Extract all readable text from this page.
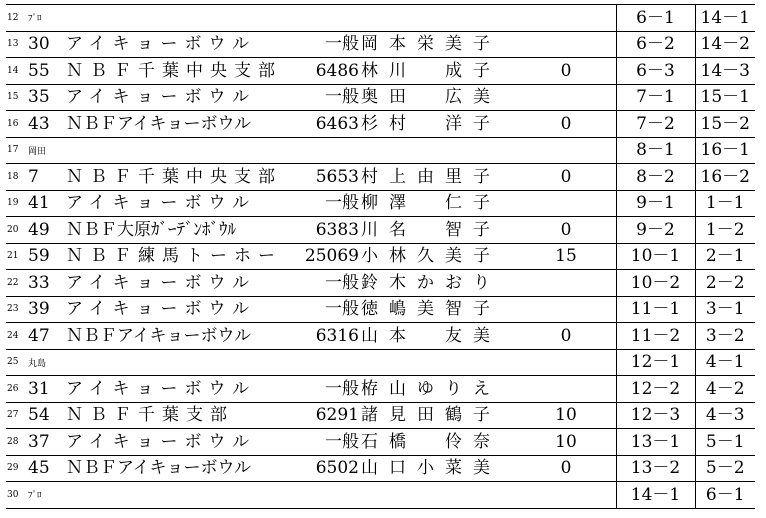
12	ﾌﾟﾛ						6－1	14－1
13	30	アイキョーボウル	一般	岡本栄美子			6－2	14－2
14	55	ＮＢＦ千葉中央支部	6486	林川　成子	0		6－3	14－3
15	35	アイキョーボウル	一般	奥田　広美			7－1	15－1
16	43	ＮＢＦアイキョーボウル	6463	杉村　洋子	0		7－2	15－2
17	岡田						8－1	16－1
18	7	ＮＢＦ千葉中央支部	5653	村上由里子	0		8－2	16－2
19	41	アイキョーボウル	一般	柳澤　仁子			9－1	1－1
20	49	ＮＢＦ大原ｶﾞｰﾃﾞﾝﾎﾞｳﾙ	6383	川名　智子	0		9－2	1－2
21	59	ＮＢＦ練馬トーホー	25069	小林久美子	15		10－1	2－1
22	33	アイキョーボウル	一般	鈴木かおり			10－2	2－2
23	39	アイキョーボウル	一般	徳嶋美智子			11－1	3－1
24	47	ＮＢＦアイキョーボウル	6316	山本　友美	0		11－2	3－2
25	丸島						12－1	4－1
26	31	アイキョーボウル	一般	栫山ゆりえ			12－2	4－2
27	54	ＮＢＦ千葉支部	6291	諸見田鶴子	10		12－3	4－3
28	37	アイキョーボウル	一般	石橋　伶奈	10		13－1	5－1
29	45	ＮＢＦアイキョーボウル	6502	山口小菜美	0		13－2	5－2
30	ﾌﾟﾛ						14－1	6－1
